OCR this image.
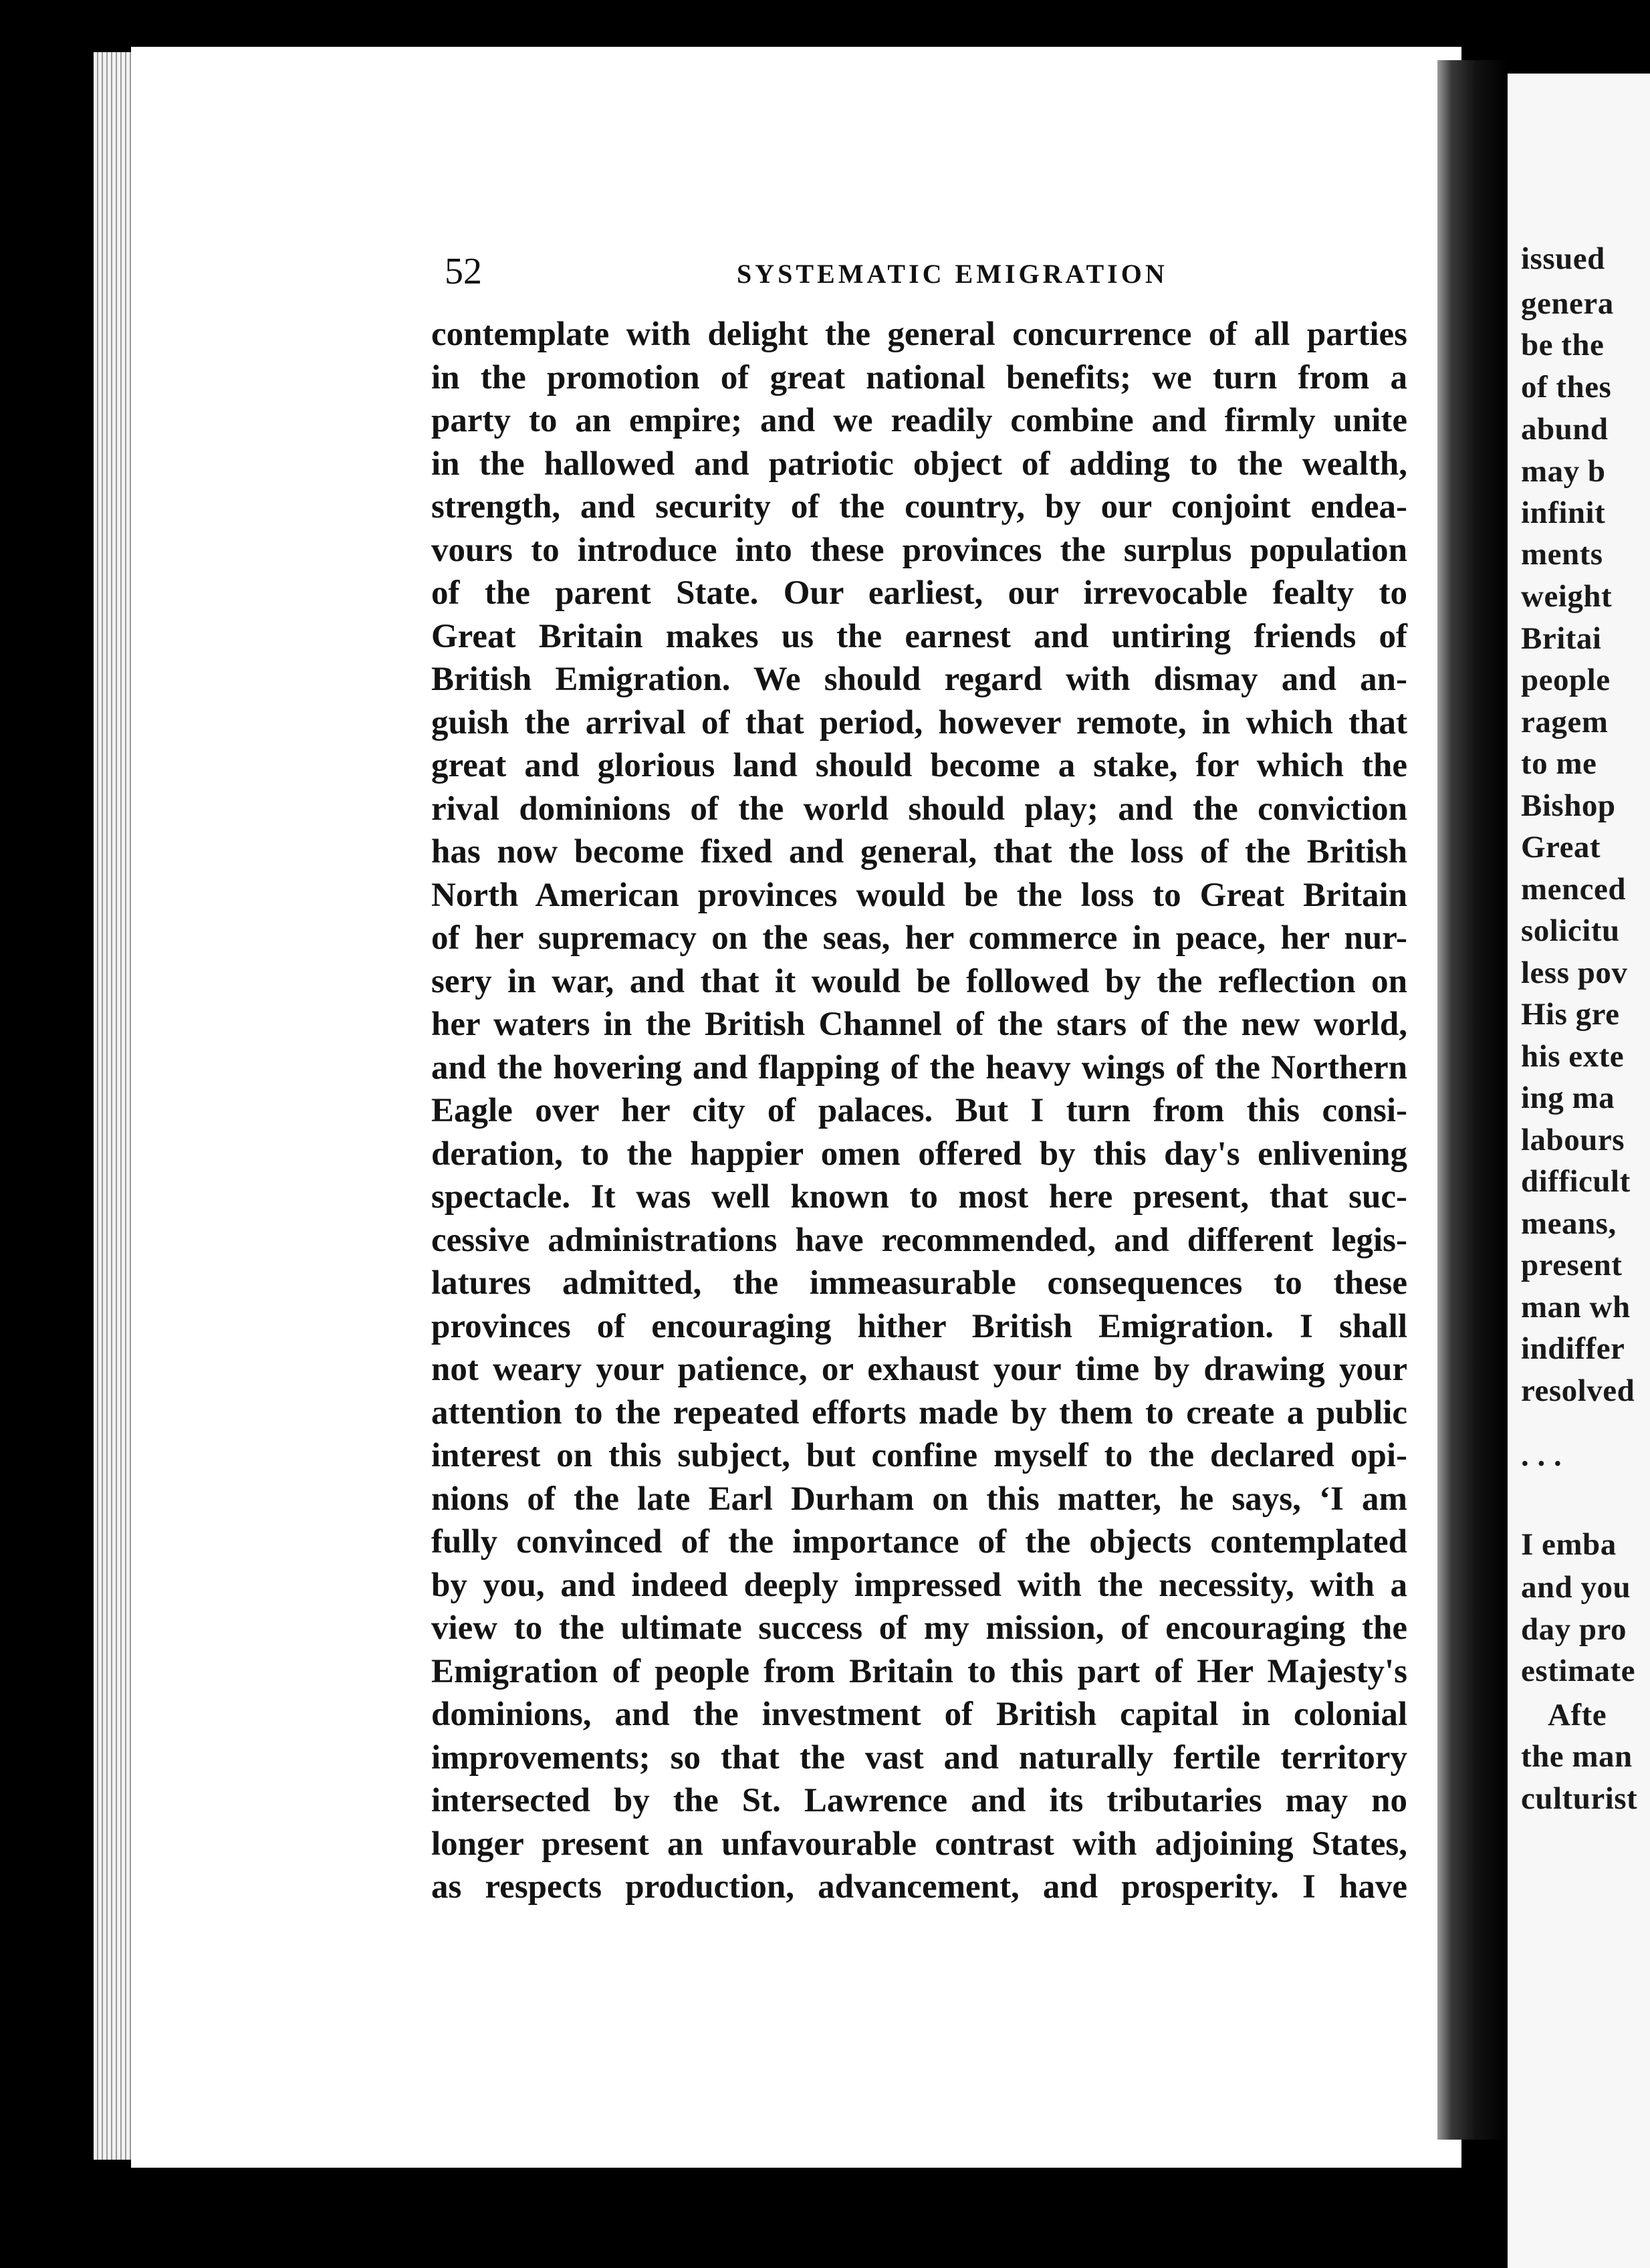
52	SYSTEMATIC EMIGRATION
contemplate with delight the general concurrence of all parties
in the promotion of great national benefits; we turn from a
party to an empire; and we readily combine and firmly unite
in the hallowed and patriotic object of adding to the wealth,
strength, and security of the country, by our conjoint endea-
vours to introduce into these provinces the surplus population
of the parent State. Our earliest, our irrevocable fealty to
Great Britain makes us the earnest and untiring friends of
British Emigration. We should regard with dismay and an-
guish the arrival of that period, however remote, in which that
great and glorious land should become a stake, for which the
rival dominions of the world should play; and the conviction
has now become fixed and general, that the loss of the British
North American provinces would be the loss to Great Britain
of her supremacy on the seas, her commerce in peace, her nur-
sery in war, and that it would be followed by the reflection on
her waters in the British Channel of the stars of the new world,
and the hovering and flapping of the heavy wings of the Northern
Eagle over her city of palaces. But I turn from this consi-
deration, to the happier omen offered by this day's enlivening
spectacle. It was well known to most here present, that suc-
cessive administrations have recommended, and different legis-
latures admitted, the immeasurable consequences to these
provinces of encouraging hither British Emigration. I shall
not weary your patience, or exhaust your time by drawing your
attention to the repeated efforts made by them to create a public
interest on this subject, but confine myself to the declared opi-
nions of the late Earl Durham on this matter, he says, ‘I am
fully convinced of the importance of the objects contemplated
by you, and indeed deeply impressed with the necessity, with a
view to the ultimate success of my mission, of encouraging the
Emigration of people from Britain to this part of Her Majesty's
dominions, and the investment of British capital in colonial
improvements; so that the vast and naturally fertile territory
intersected by the St. Lawrence and its tributaries may no
longer present an unfavourable contrast with adjoining States,
as respects production, advancement, and prosperity. I have
issued
genera
be the
of thes
abund
may b
infinit
ments
weight
Britai
people
ragem
to me
Bishop
Great
menced
solicitu
less pov
His gre
his exte
ing ma
labours
difficult
means,
present
man wh
indiffer
resolved
. . .
I emba
and you
day pro
estimate
Afte
the man
culturist
